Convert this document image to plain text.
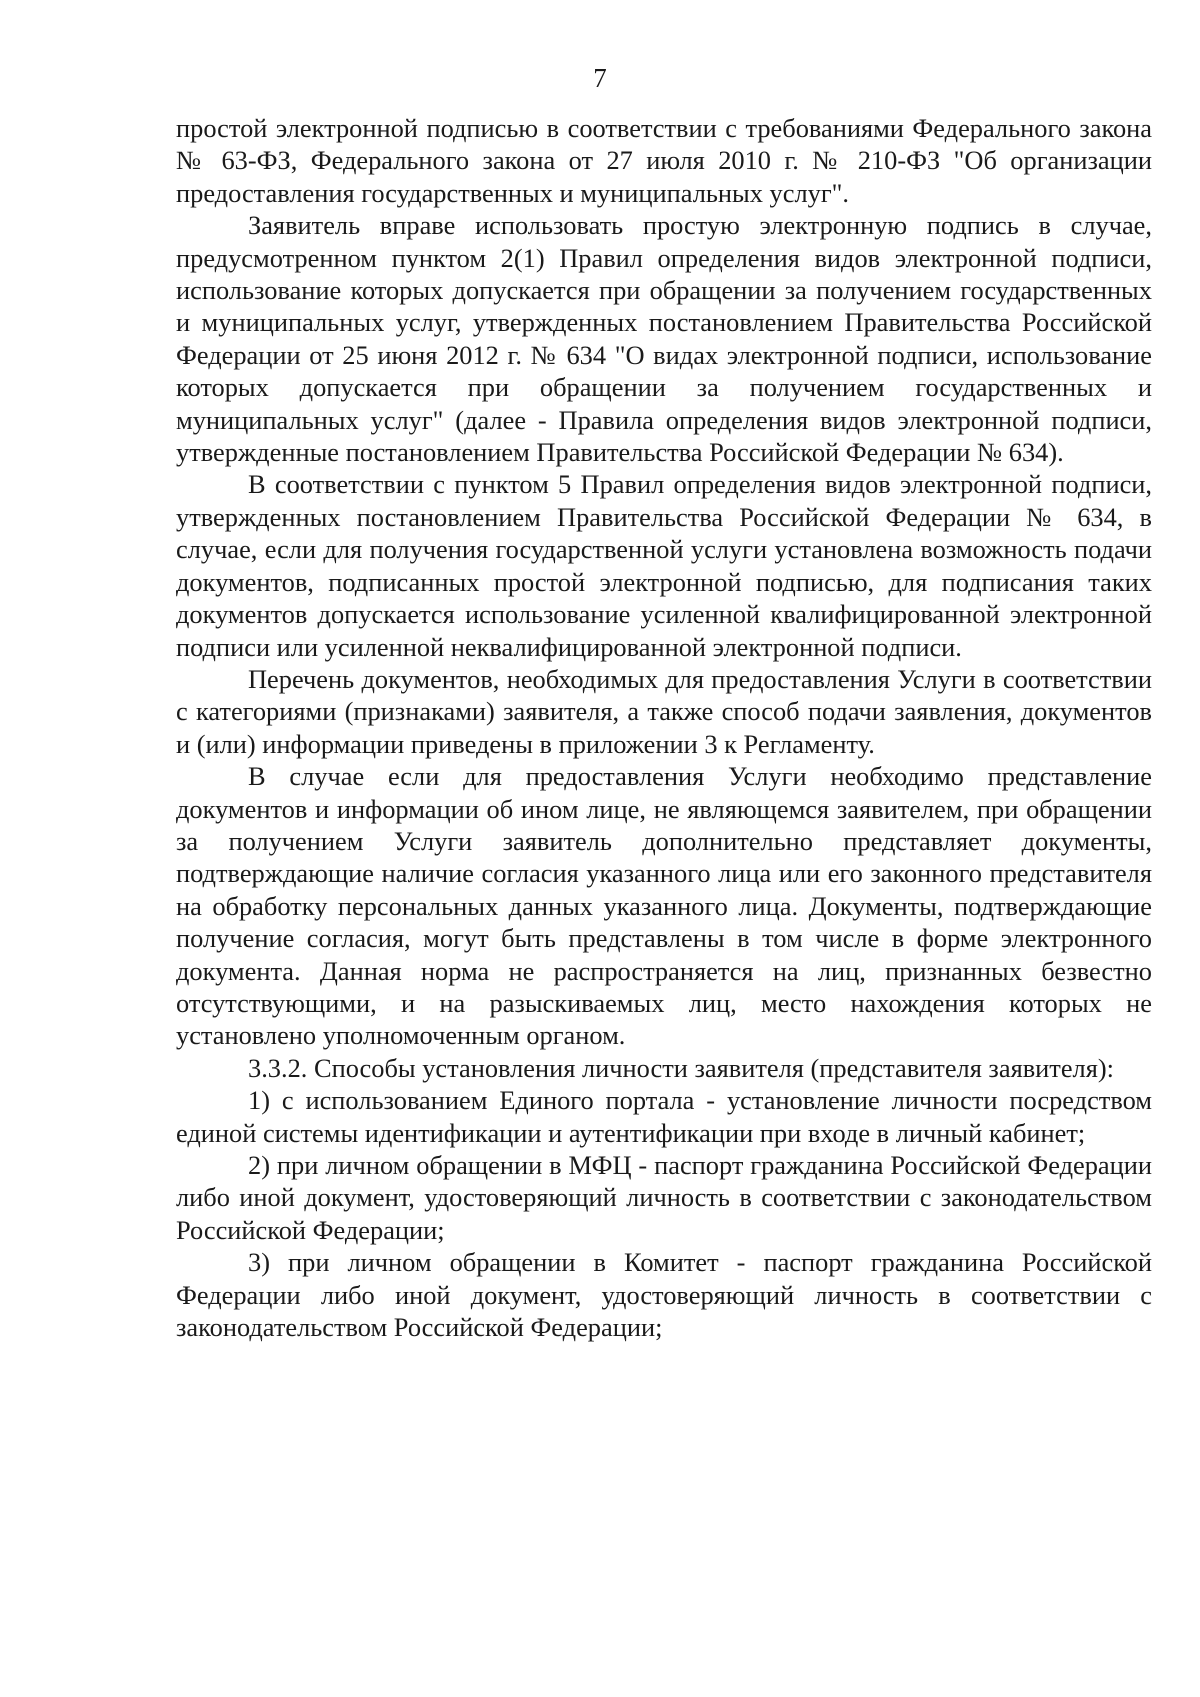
7

простой электронной подписью в соответствии с требованиями Федерального закона № 63-ФЗ, Федерального закона от 27 июля 2010 г. № 210-ФЗ "Об организации предоставления государственных и муниципальных услуг".

Заявитель вправе использовать простую электронную подпись в случае, предусмотренном пунктом 2(1) Правил определения видов электронной подписи, использование которых допускается при обращении за получением государственных и муниципальных услуг, утвержденных постановлением Правительства Российской Федерации от 25 июня 2012 г. № 634 "О видах электронной подписи, использование которых допускается при обращении за получением государственных и муниципальных услуг" (далее - Правила определения видов электронной подписи, утвержденные постановлением Правительства Российской Федерации № 634).

В соответствии с пунктом 5 Правил определения видов электронной подписи, утвержденных постановлением Правительства Российской Федерации № 634, в случае, если для получения государственной услуги установлена возможность подачи документов, подписанных простой электронной подписью, для подписания таких документов допускается использование усиленной квалифицированной электронной подписи или усиленной неквалифицированной электронной подписи.

Перечень документов, необходимых для предоставления Услуги в соответствии с категориями (признаками) заявителя, а также способ подачи заявления, документов и (или) информации приведены в приложении 3 к Регламенту.

В случае если для предоставления Услуги необходимо представление документов и информации об ином лице, не являющемся заявителем, при обращении за получением Услуги заявитель дополнительно представляет документы, подтверждающие наличие согласия указанного лица или его законного представителя на обработку персональных данных указанного лица. Документы, подтверждающие получение согласия, могут быть представлены в том числе в форме электронного документа. Данная норма не распространяется на лиц, признанных безвестно отсутствующими, и на разыскиваемых лиц, место нахождения которых не установлено уполномоченным органом.

3.3.2. Способы установления личности заявителя (представителя заявителя):

1) с использованием Единого портала - установление личности посредством единой системы идентификации и аутентификации при входе в личный кабинет;

2) при личном обращении в МФЦ - паспорт гражданина Российской Федерации либо иной документ, удостоверяющий личность в соответствии с законодательством Российской Федерации;

3) при личном обращении в Комитет - паспорт гражданина Российской Федерации либо иной документ, удостоверяющий личность в соответствии с законодательством Российской Федерации;
